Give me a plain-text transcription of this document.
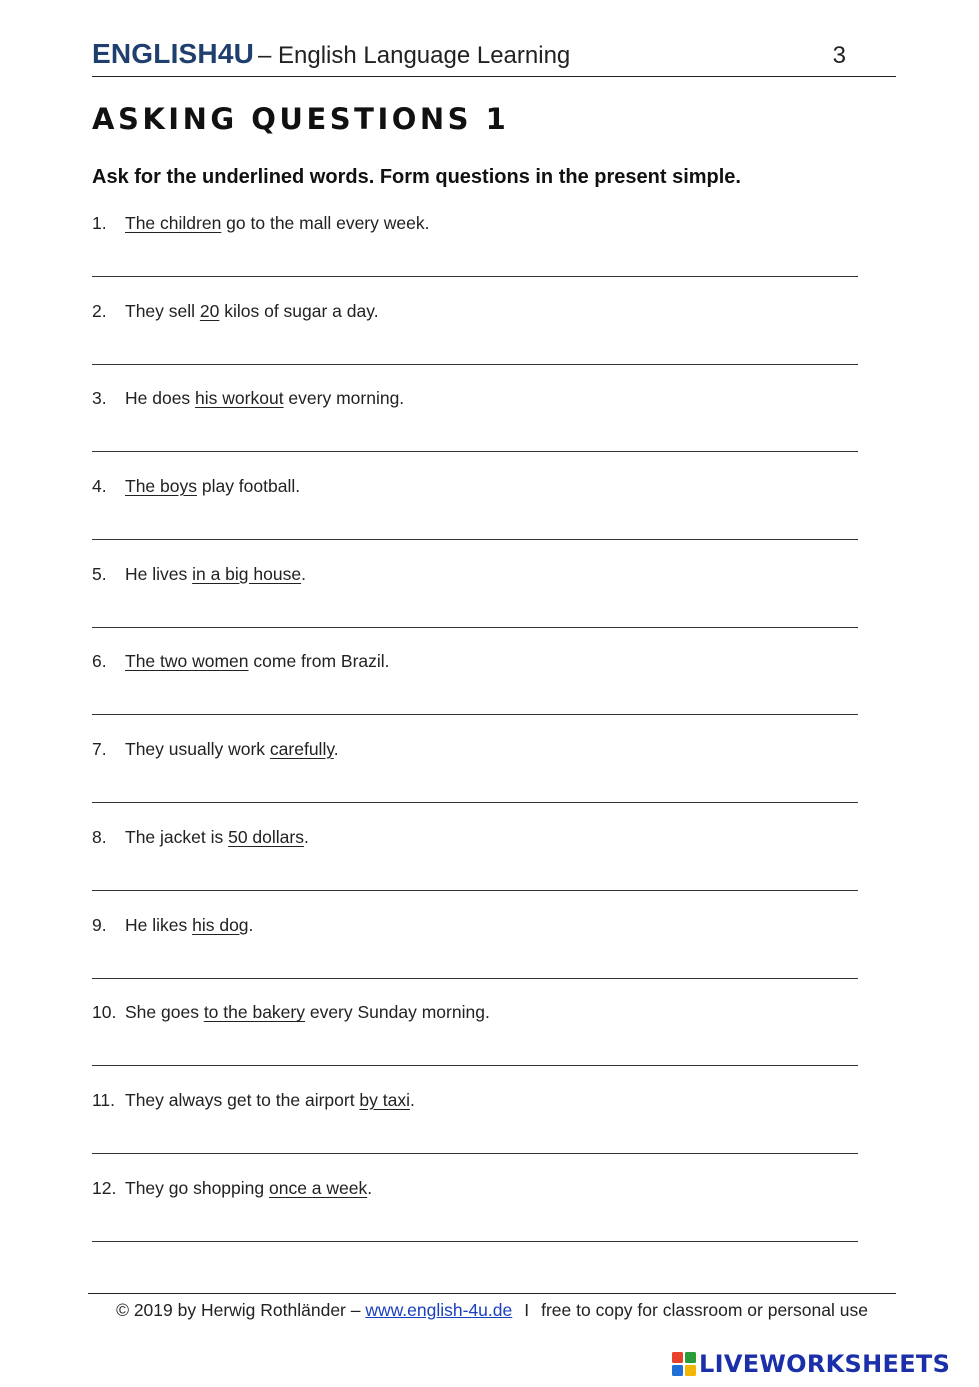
ENGLISH4U – English Language Learning	3
ASKING QUESTIONS 1
Ask for the underlined words. Form questions in the present simple.
1. The children go to the mall every week.
2. They sell 20 kilos of sugar a day.
3. He does his workout every morning.
4. The boys play football.
5. He lives in a big house.
6. The two women come from Brazil.
7. They usually work carefully.
8. The jacket is 50 dollars.
9. He likes his dog.
10. She goes to the bakery every Sunday morning.
11. They always get to the airport by taxi.
12. They go shopping once a week.
© 2019 by Herwig Rothländer – www.english-4u.de I free to copy for classroom or personal use
LIVEWORKSHEETS
